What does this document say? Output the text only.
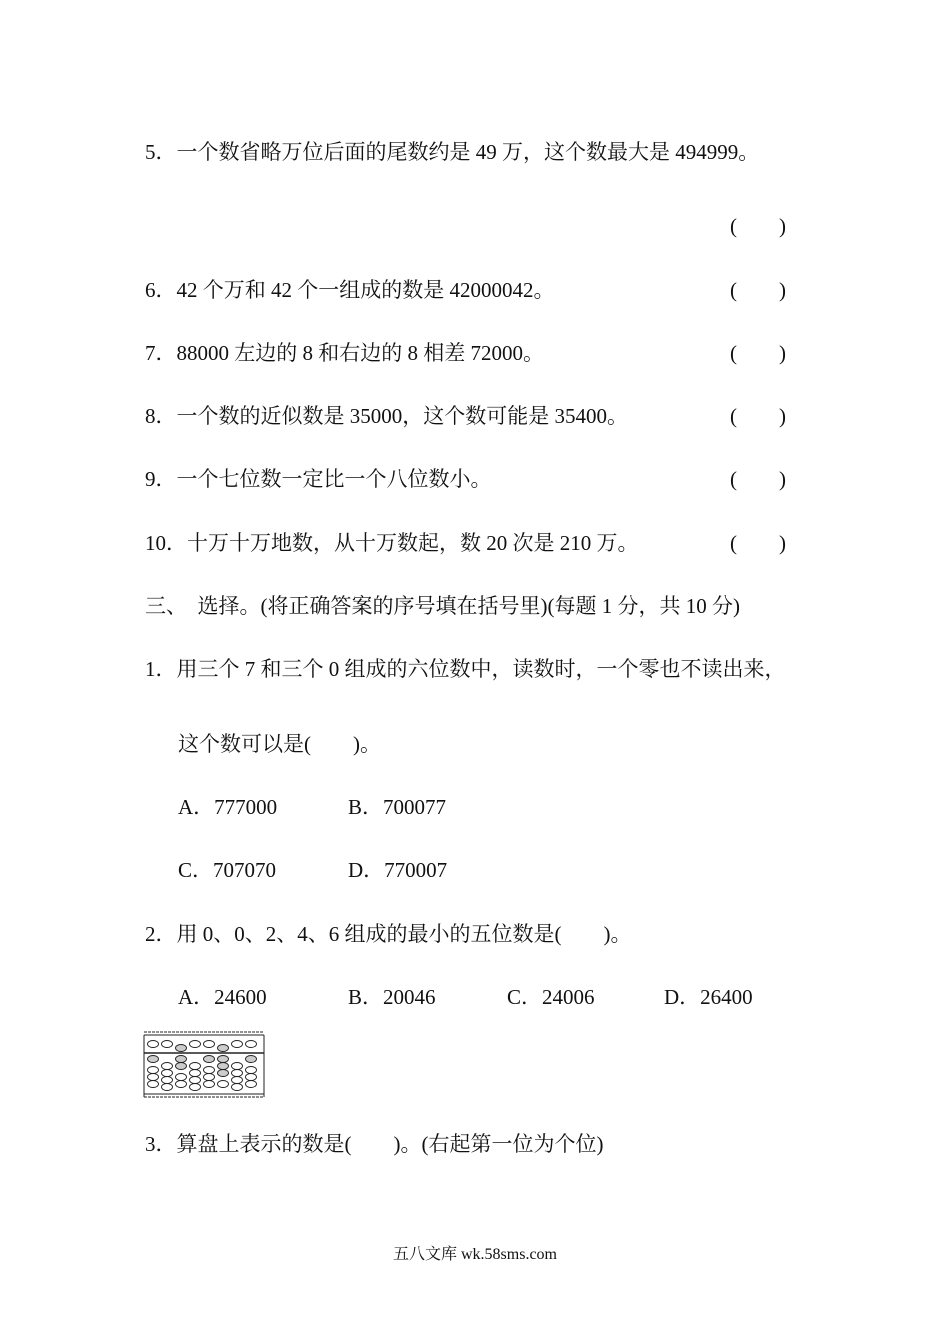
5．一个数省略万位后面的尾数约是 49 万，这个数最大是 494999。
(　　)
6．42 个万和 42 个一组成的数是 42000042。	(　　)
7．88000 左边的 8 和右边的 8 相差 72000。	(　　)
8．一个数的近似数是 35000，这个数可能是 35400。	(　　)
9．一个七位数一定比一个八位数小。	(　　)
10．十万十万地数，从十万数起，数 20 次是 210 万。	(　　)
三、　选择。(将正确答案的序号填在括号里)(每题 1 分，共 10 分)
1．用三个 7 和三个 0 组成的六位数中，读数时，一个零也不读出来，
这个数可以是(　　)。
A．777000	B．700077
C．707070	D．770007
2．用 0、0、2、4、6 组成的最小的五位数是(　　)。
A．24600	B．20046	C．24006	D．26400
3．算盘上表示的数是(　　)。(右起第一位为个位)
五八文库 wk.58sms.com
